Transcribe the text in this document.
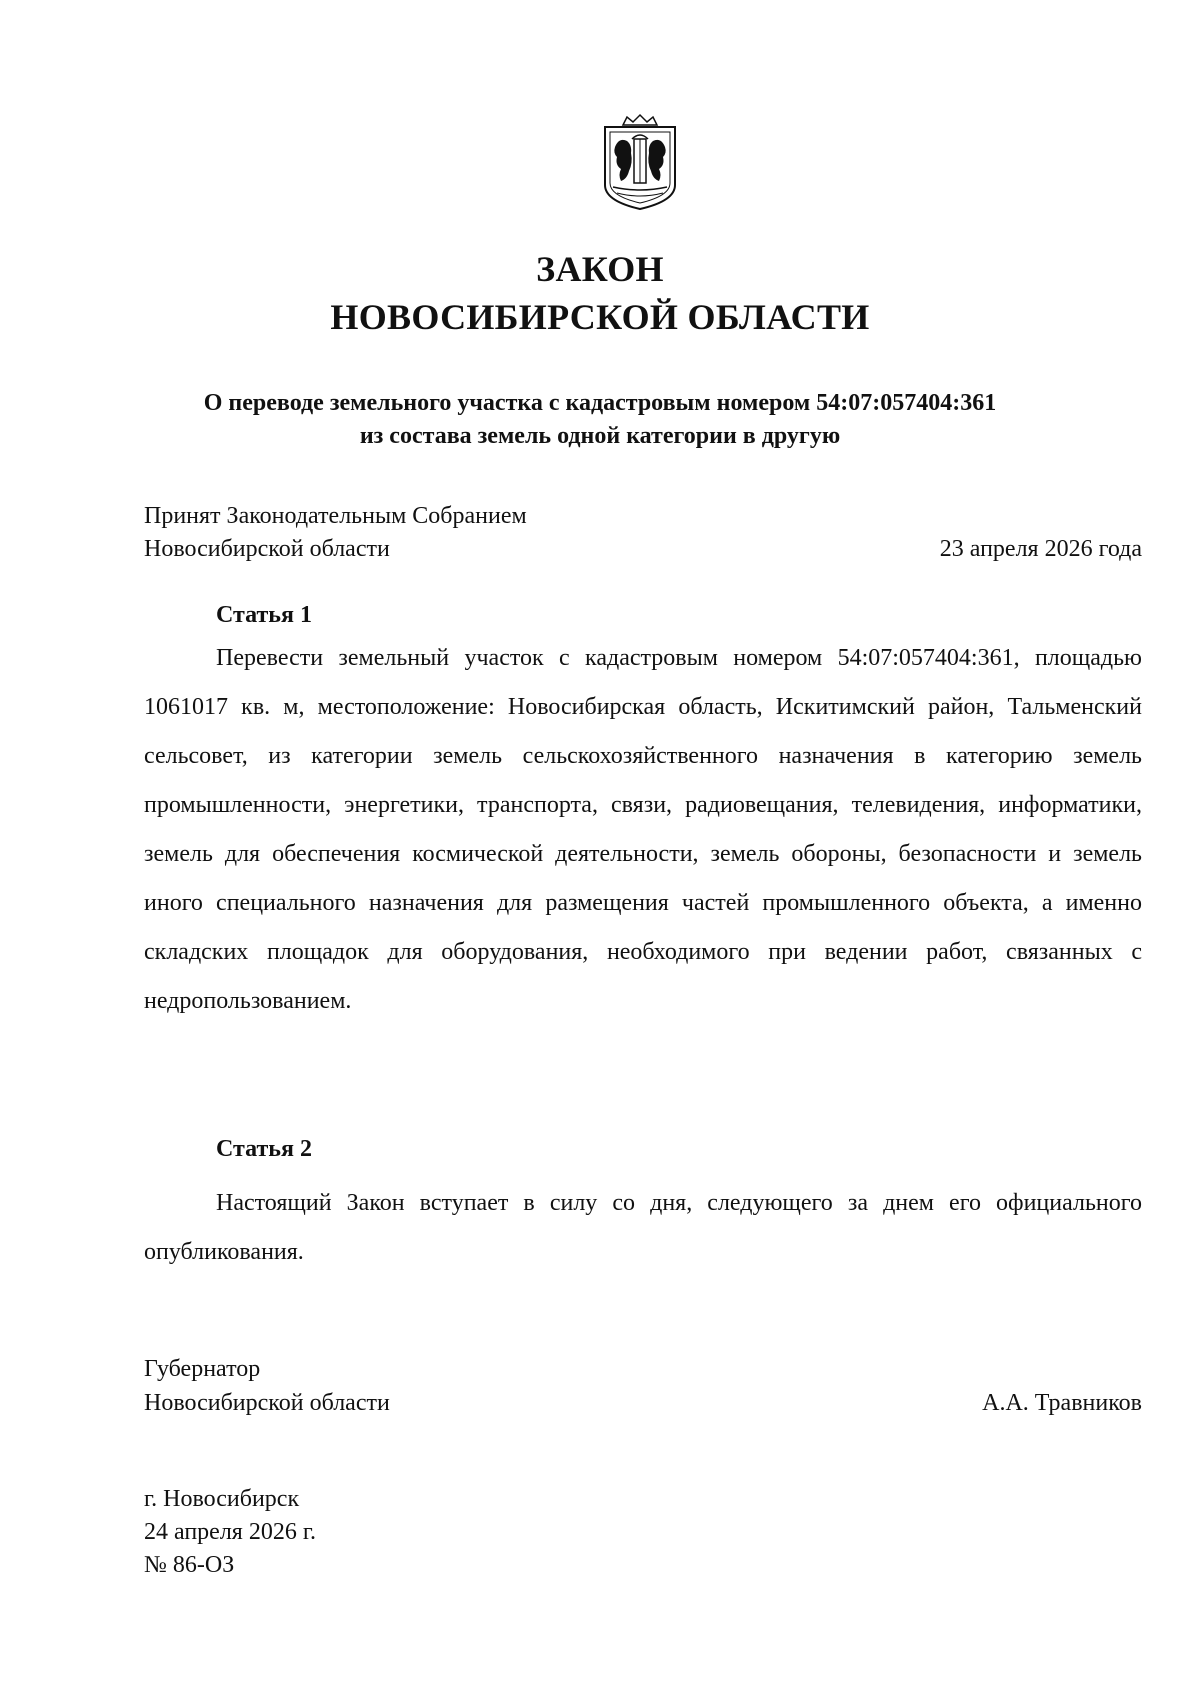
ЗАКОН
НОВОСИБИРСКОЙ ОБЛАСТИ
О переводе земельного участка с кадастровым номером 54:07:057404:361
из состава земель одной категории в другую
Принят Законодательным Собранием
Новосибирской области	23 апреля 2026 года
Статья 1

Перевести земельный участок с кадастровым номером 54:07:057404:361, площадью 1061017 кв. м, местоположение: Новосибирская область, Искитимский район, Тальменский сельсовет, из категории земель сельскохозяйственного назначения в категорию земель промышленности, энергетики, транспорта, связи, радиовещания, телевидения, информатики, земель для обеспечения космической деятельности, земель обороны, безопасности и земель иного специального назначения для размещения частей промышленного объекта, а именно складских площадок для оборудования, необходимого при ведении работ, связанных с недропользованием.

Статья 2

Настоящий Закон вступает в силу со дня, следующего за днем его официального опубликования.

Губернатор
Новосибирской области	А.А. Травников
г. Новосибирск
24 апреля 2026 г.
№ 86-ОЗ
